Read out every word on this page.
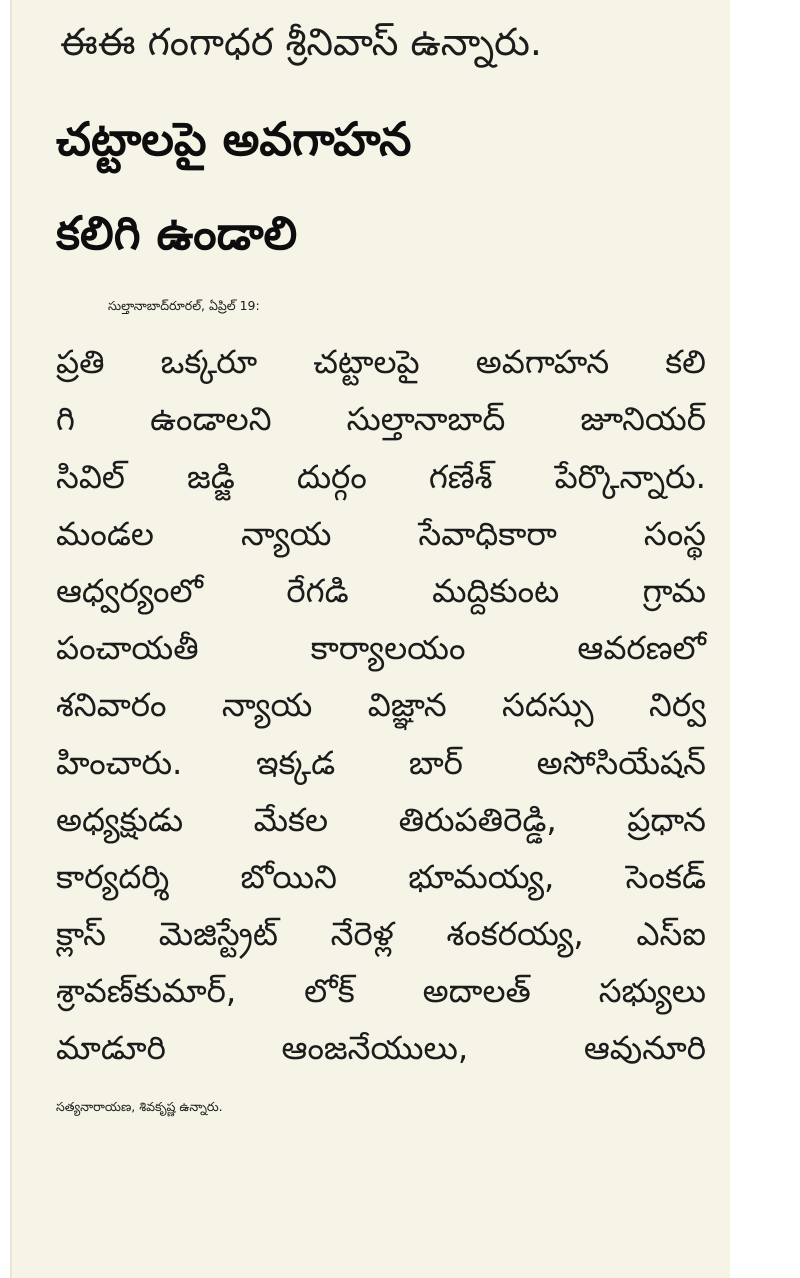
ఈఈ గంగాధర శ్రీనివాస్ ఉన్నారు.
చట్టాలపై అవగాహన
కలిగి ఉండాలి
సుల్తానాబాద్‌రూరల్, ఏప్రిల్ 19:
ప్రతి ఒక్కరూ చట్టాలపై అవగాహన కలి
గి ఉండాలని సుల్తానాబాద్ జూనియర్
సివిల్ జడ్జి దుర్గం గణేశ్ పేర్కొన్నారు.
మండల న్యాయ సేవాధికారా సంస్థ
ఆధ్వర్యంలో రేగడి మద్దికుంట గ్రామ
పంచాయతీ కార్యాలయం ఆవరణలో
శనివారం న్యాయ విజ్ఞాన సదస్సు నిర్వ
హించారు. ఇక్కడ బార్ అసోసియేషన్
అధ్యక్షుడు మేకల తిరుపతిరెడ్డి, ప్రధాన
కార్యదర్శి బోయిని భూమయ్య, సెంకడ్
క్లాస్ మెజిస్ట్రేట్ నేరెళ్ల శంకరయ్య, ఎస్ఐ
శ్రావణ్‌కుమార్, లోక్ అదాలత్ సభ్యులు
మాడూరి ఆంజనేయులు, ఆవునూరి
సత్యనారాయణ, శివకృష్ణ ఉన్నారు.
